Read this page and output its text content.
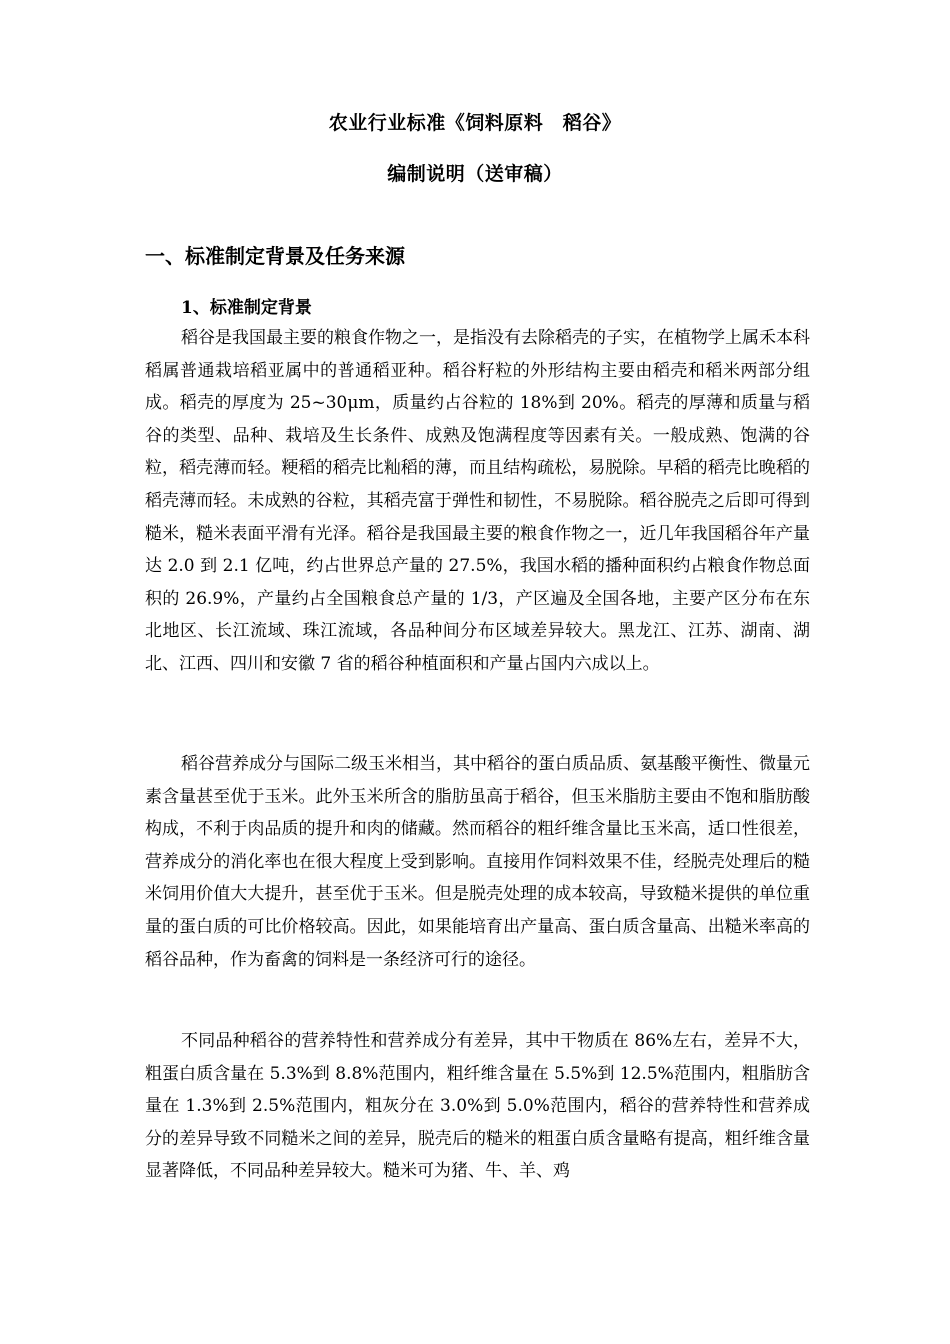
农业行业标准《饲料原料　稻谷》
编制说明（送审稿）
一、标准制定背景及任务来源
1、标准制定背景

稻谷是我国最主要的粮食作物之一，是指没有去除稻壳的子实，在植物学上属禾本科稻属普通栽培稻亚属中的普通稻亚种。稻谷籽粒的外形结构主要由稻壳和稻米两部分组成。稻壳的厚度为 25~30μm，质量约占谷粒的 18%到 20%。稻壳的厚薄和质量与稻谷的类型、品种、栽培及生长条件、成熟及饱满程度等因素有关。一般成熟、饱满的谷粒，稻壳薄而轻。粳稻的稻壳比籼稻的薄，而且结构疏松，易脱除。早稻的稻壳比晚稻的稻壳薄而轻。未成熟的谷粒，其稻壳富于弹性和韧性，不易脱除。稻谷脱壳之后即可得到糙米，糙米表面平滑有光泽。稻谷是我国最主要的粮食作物之一，近几年我国稻谷年产量达 2.0 到 2.1 亿吨，约占世界总产量的 27.5%，我国水稻的播种面积约占粮食作物总面积的 26.9%，产量约占全国粮食总产量的 1/3，产区遍及全国各地，主要产区分布在东北地区、长江流域、珠江流域，各品种间分布区域差异较大。黑龙江、江苏、湖南、湖北、江西、四川和安徽 7 省的稻谷种植面积和产量占国内六成以上。

稻谷营养成分与国际二级玉米相当，其中稻谷的蛋白质品质、氨基酸平衡性、微量元素含量甚至优于玉米。此外玉米所含的脂肪虽高于稻谷，但玉米脂肪主要由不饱和脂肪酸构成，不利于肉品质的提升和肉的储藏。然而稻谷的粗纤维含量比玉米高，适口性很差，营养成分的消化率也在很大程度上受到影响。直接用作饲料效果不佳，经脱壳处理后的糙米饲用价值大大提升，甚至优于玉米。但是脱壳处理的成本较高，导致糙米提供的单位重量的蛋白质的可比价格较高。因此，如果能培育出产量高、蛋白质含量高、出糙米率高的稻谷品种，作为畜禽的饲料是一条经济可行的途径。

不同品种稻谷的营养特性和营养成分有差异，其中干物质在 86%左右，差异不大，粗蛋白质含量在 5.3%到 8.8%范围内，粗纤维含量在 5.5%到 12.5%范围内，粗脂肪含量在 1.3%到 2.5%范围内，粗灰分在 3.0%到 5.0%范围内，稻谷的营养特性和营养成分的差异导致不同糙米之间的差异，脱壳后的糙米的粗蛋白质含量略有提高，粗纤维含量显著降低，不同品种差异较大。糙米可为猪、牛、羊、鸡
